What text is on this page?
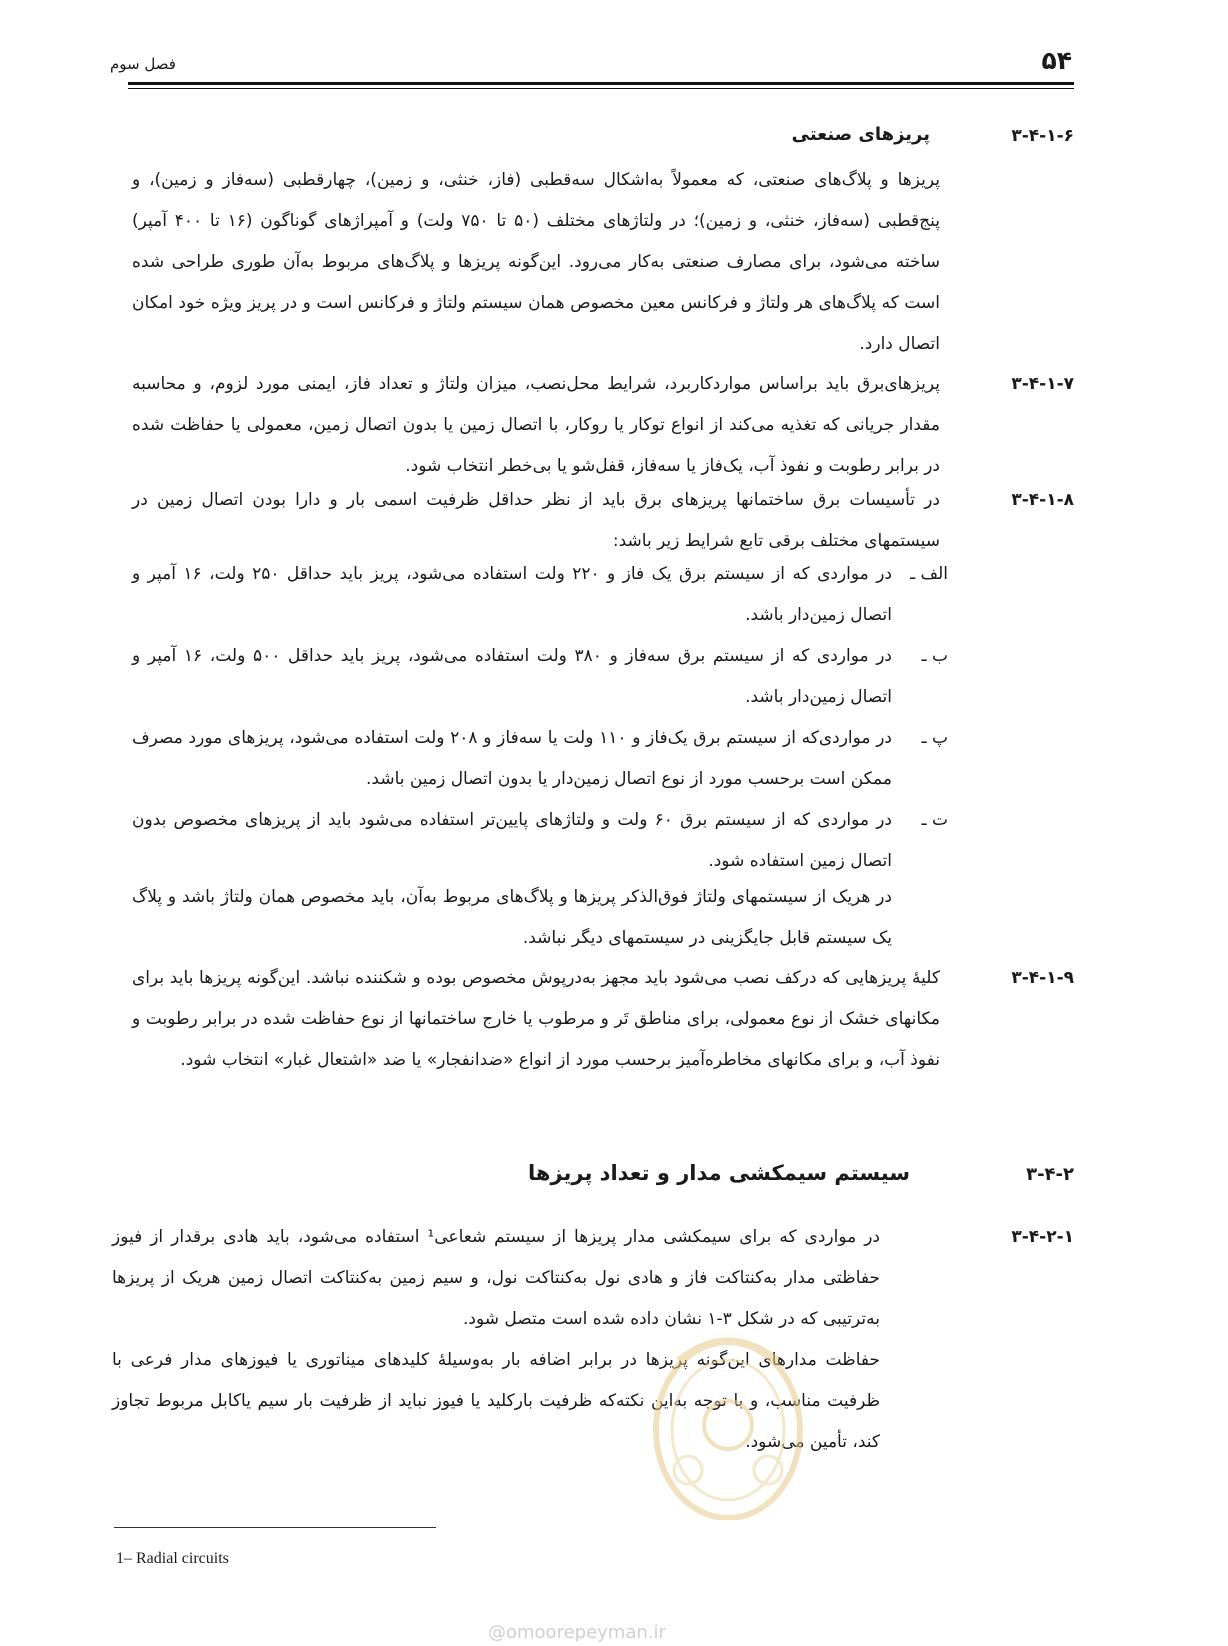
۵۴
فصل سوم
۳-۴-۱-۶
پریزهای صنعتی

پریزها و پلاگ‌های صنعتی، که معمولاً به‌اشکال سه‌قطبی (فاز، خنثی، و زمین)، چهارقطبی (سه‌فاز و زمین)، و پنج‌قطبی (سه‌فاز، خنثی، و زمین)؛ در ولتاژهای مختلف (۵۰ تا ۷۵۰ ولت) و آمپراژهای گوناگون (۱۶ تا ۴۰۰ آمپر) ساخته می‌شود، برای مصارف صنعتی به‌کار می‌رود. این‌گونه پریزها و پلاگ‌های مربوط به‌آن طوری طراحی شده است که پلاگ‌های هر ولتاژ و فرکانس معین مخصوص همان سیستم ولتاژ و فرکانس است و در پریز ویژه خود امکان اتصال دارد.

۳-۴-۱-۷

پریزهای‌برق باید براساس مواردکاربرد، شرایط محل‌نصب، میزان ولتاژ و تعداد فاز، ایمنی مورد لزوم، و محاسبه مقدار جریانی که تغذیه می‌کند از انواع توکار یا روکار، با اتصال زمین یا بدون اتصال زمین، معمولی یا حفاظت شده در برابر رطوبت و نفوذ آب، یک‌فاز یا سه‌فاز، قفل‌شو یا بی‌خطر انتخاب شود.

۳-۴-۱-۸

در تأسیسات برق ساختمانها پریزهای برق باید از نظر حداقل ظرفیت اسمی بار و دارا بودن اتصال زمین در سیستمهای مختلف برقی تابع شرایط زیر باشد:

الف ـ

در مواردی که از سیستم برق یک فاز و ۲۲۰ ولت استفاده می‌شود، پریز باید حداقل ۲۵۰ ولت، ۱۶ آمپر و اتصال زمین‌دار باشد.

ب ـ

در مواردی که از سیستم برق سه‌فاز و ۳۸۰ ولت استفاده می‌شود، پریز باید حداقل ۵۰۰ ولت، ۱۶ آمپر و اتصال زمین‌دار باشد.

پ ـ

در مواردی‌که از سیستم برق یک‌فاز و ۱۱۰ ولت یا سه‌فاز و ۲۰۸ ولت استفاده می‌شود، پریزهای مورد مصرف ممکن است برحسب مورد از نوع اتصال زمین‌دار یا بدون اتصال زمین باشد.

ت ـ

در مواردی که از سیستم برق ۶۰ ولت و ولتاژهای پایین‌تر استفاده می‌شود باید از پریزهای مخصوص بدون اتصال زمین استفاده شود.

در هریک از سیستمهای ولتاژ فوق‌الذکر پریزها و پلاگ‌های مربوط به‌آن، باید مخصوص همان ولتاژ باشد و پلاگ یک سیستم قابل جایگزینی در سیستمهای دیگر نباشد.

۳-۴-۱-۹

کلیهٔ پریزهایی که درکف نصب می‌شود باید مجهز به‌درپوش مخصوص بوده و شکننده نباشد. این‌گونه پریزها باید برای مکانهای خشک از نوع معمولی، برای مناطق تَر و مرطوب یا خارج ساختمانها از نوع حفاظت شده در برابر رطوبت و نفوذ آب، و برای مکانهای مخاطره‌آمیز برحسب مورد از انواع «ضدانفجار» یا ضد «اشتعال غبار» انتخاب شود.

۳-۴-۲
سیستم سیمکشی مدار و تعداد پریزها
۳-۴-۲-۱

در مواردی که برای سیمکشی مدار پریزها از سیستم شعاعی¹ استفاده می‌شود، باید هادی برقدار از فیوز حفاظتی مدار به‌کنتاکت فاز و هادی نول به‌کنتاکت نول، و سیم زمین به‌کنتاکت اتصال زمین هریک از پریزها به‌ترتیبی که در شکل ۳-۱ نشان داده شده است متصل شود.

حفاظت مدارهای این‌گونه پریزها در برابر اضافه بار به‌وسیلهٔ کلیدهای میناتوری یا فیوزهای مدار فرعی با ظرفیت مناسب، و با توجه به‌این نکته‌که ظرفیت بارکلید یا فیوز نباید از ظرفیت بار سیم یاکابل مربوط تجاوز کند، تأمین می‌شود.

1– Radial circuits
@omoorepeyman.ir
